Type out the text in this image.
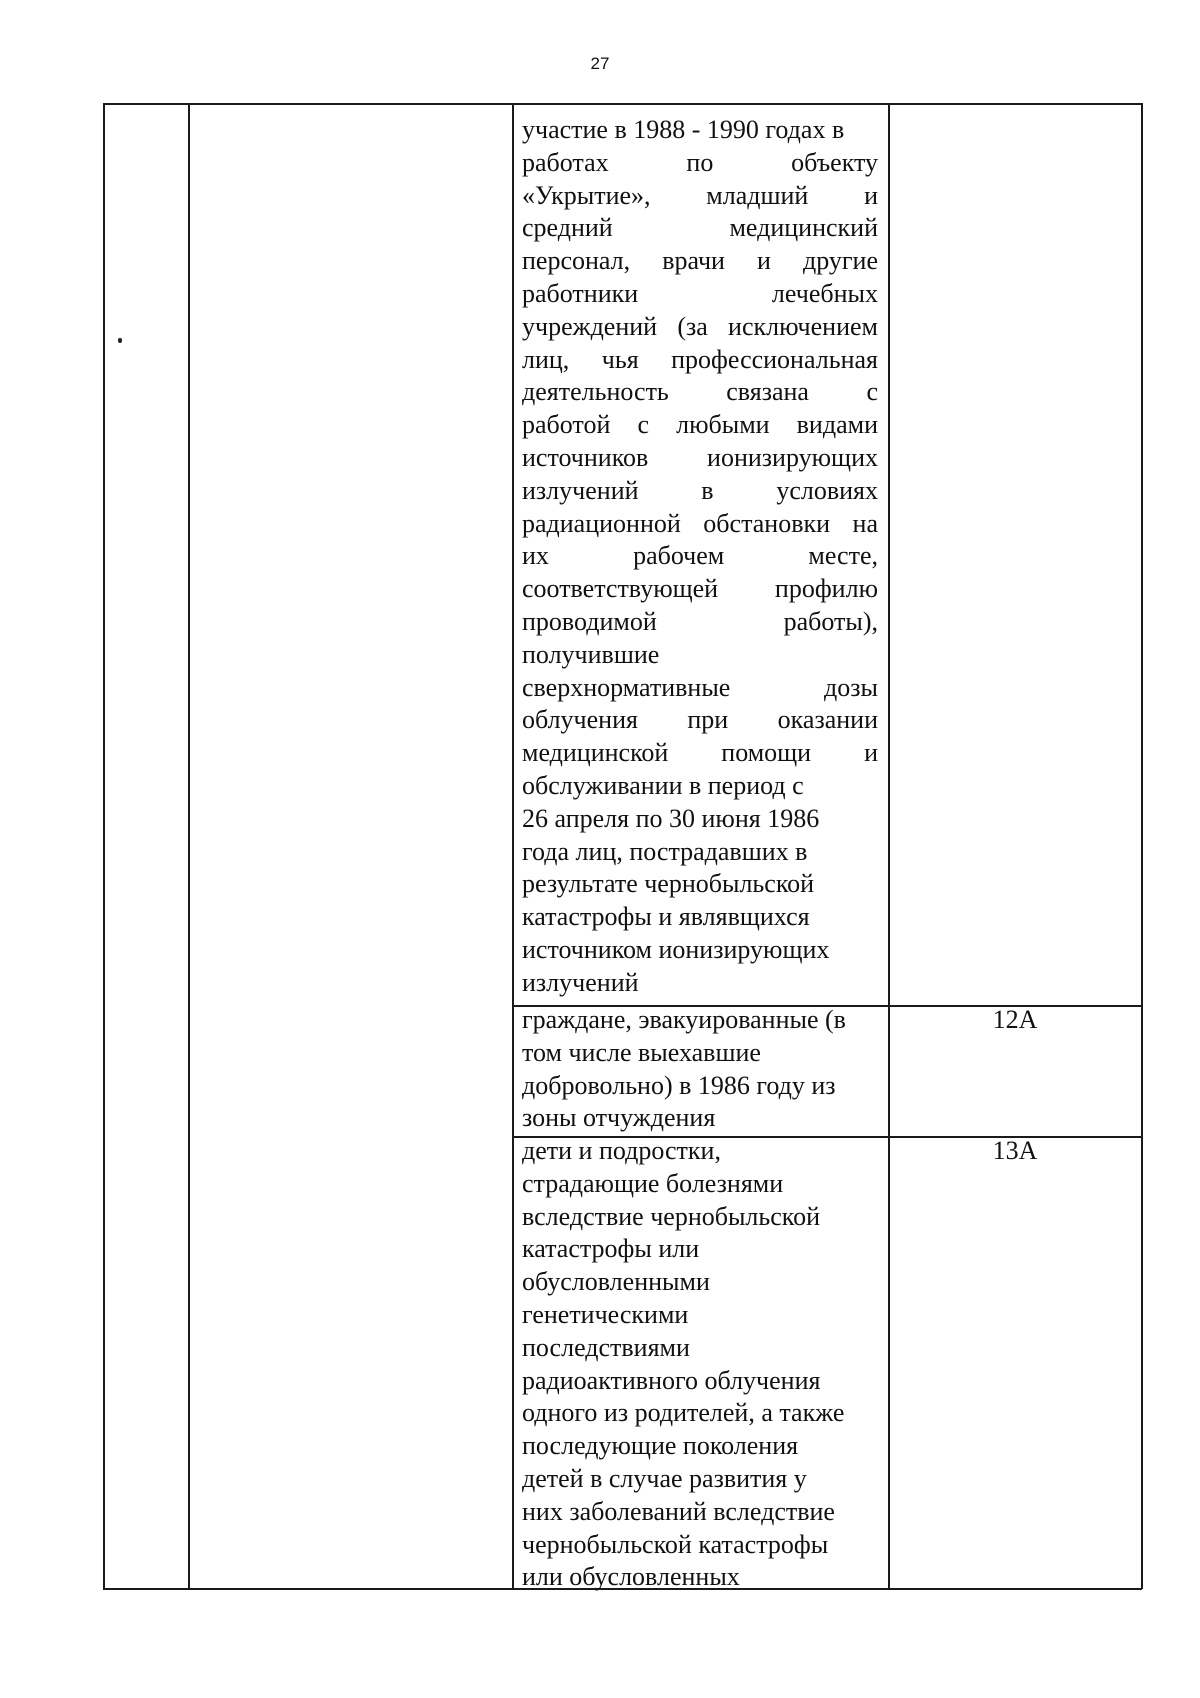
27
участие в 1988 - 1990 годах в
работах по объекту
«Укрытие», младший и
средний медицинский
персонал, врачи и другие
работники лечебных
учреждений (за исключением
лиц, чья профессиональная
деятельность связана с
работой с любыми видами
источников ионизирующих
излучений в условиях
радиационной обстановки на
их рабочем месте,
соответствующей профилю
проводимой работы),
получившие
сверхнормативные дозы
облучения при оказании
медицинской помощи и
обслуживании в период с
26 апреля по 30 июня 1986
года лиц, пострадавших в
результате чернобыльской
катастрофы и являвщихся
источником ионизирующих
излучений
граждане, эвакуированные (в
том числе выехавшие
добровольно) в 1986 году из
зоны отчуждения
12А
дети и подростки,
страдающие болезнями
вследствие чернобыльской
катастрофы или
обусловленными
генетическими
последствиями
радиоактивного облучения
одного из родителей, а также
последующие поколения
детей в случае развития у
них заболеваний вследствие
чернобыльской катастрофы
или обусловленных
13А
